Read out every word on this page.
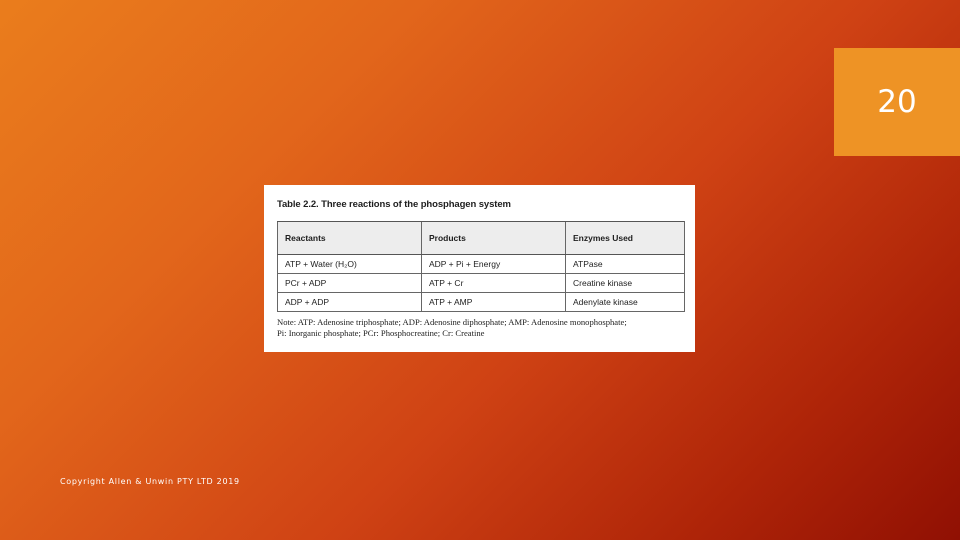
20
Table 2.2. Three reactions of the phosphagen system
Reactants	Products	Enzymes Used
ATP + Water (H₂O)	ADP + Pi + Energy	ATPase
PCr + ADP	ATP + Cr	Creatine kinase
ADP + ADP	ATP + AMP	Adenylate kinase
Note: ATP: Adenosine triphosphate; ADP: Adenosine diphosphate; AMP: Adenosine monophosphate;
Pi: Inorganic phosphate; PCr: Phosphocreatine; Cr: Creatine
Copyright Allen & Unwin PTY LTD 2019
